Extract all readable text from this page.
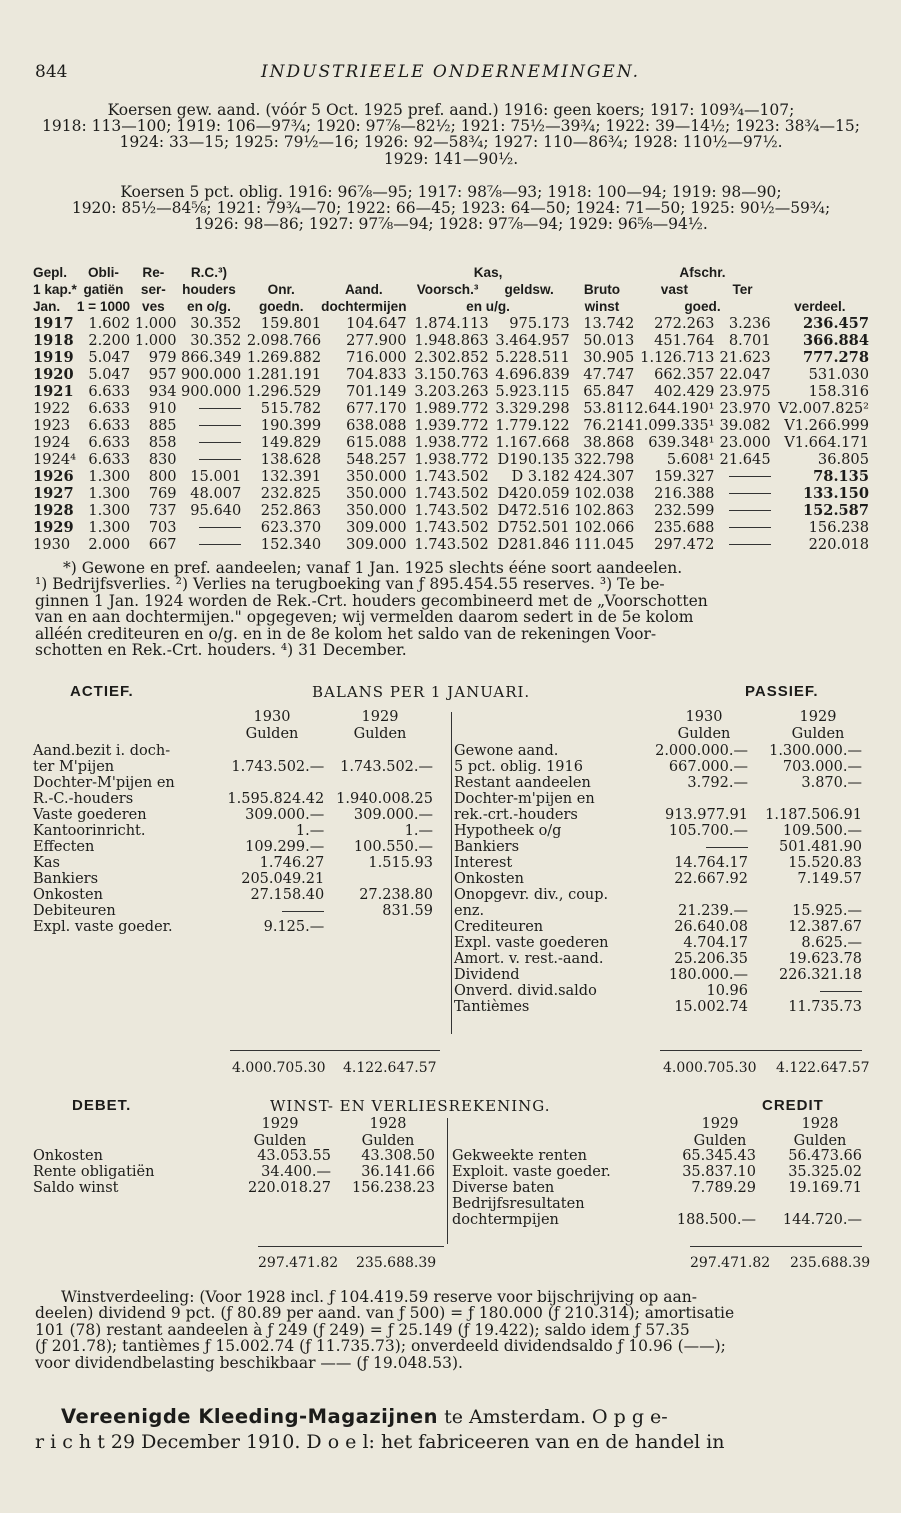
844	INDUSTRIEELE ONDERNEMINGEN.
Koersen gew. aand. (vóór 5 Oct. 1925 pref. aand.) 1916: geen koers; 1917: 109¾—107;
1918: 113—100; 1919: 106—97¾; 1920: 97⅞—82½; 1921: 75½—39¾; 1922: 39—14½; 1923: 38¾—15;
1924: 33—15; 1925: 79½—16; 1926: 92—58¾; 1927: 110—86¾; 1928: 110½—97½.
1929: 141—90½.
Koersen 5 pct. oblig. 1916: 96⅞—95; 1917: 98⅞—93; 1918: 100—94; 1919: 98—90;
1920: 85½—84⅝; 1921: 79¾—70; 1922: 66—45; 1923: 64—50; 1924: 71—50; 1925: 90½—59¾;
1926: 98—86; 1927: 97⅞—94; 1928: 97⅞—94; 1929: 96⅝—94½.
Gepl.	Obli-	Re-	R.C.³)			Kas,			Afschr.			
1 kap.*	gatiën	ser-	houders	Onr.	Aand.	Voorsch.³	geldsw.	Bruto	vast	Ter		
Jan.	1 = 1000	ves	en o/g.	goedn.	dochtermijen	en u/g.		winst	goed.		verdeel.	
1917	1.602	1.000	30.352	159.801	104.647	1.874.113	975.173	13.742	272.263	3.236	236.457	
1918	2.200	1.000	30.352	2.098.766	277.900	1.948.863	3.464.957	50.013	451.764	8.701	366.884	
1919	5.047	979	866.349	1.269.882	716.000	2.302.852	5.228.511	30.905	1.126.713	21.623	777.278	
1920	5.047	957	900.000	1.281.191	704.833	3.150.763	4.696.839	47.747	662.357	22.047	531.030	
1921	6.633	934	900.000	1.296.529	701.149	3.203.263	5.923.115	65.847	402.429	23.975	158.316	
1922	6.633	910		515.782	677.170	1.989.772	3.329.298	53.811	2.644.190¹	23.970	V2.007.825²	
1923	6.633	885		190.399	638.088	1.939.772	1.779.122	76.214	1.099.335¹	39.082	V1.266.999	
1924	6.633	858		149.829	615.088	1.938.772	1.167.668	38.868	639.348¹	23.000	V1.664.171	
1924⁴	6.633	830		138.628	548.257	1.938.772	D190.135	322.798	5.608¹	21.645	36.805	
1926	1.300	800	15.001	132.391	350.000	1.743.502	D 3.182	424.307	159.327		78.135	
1927	1.300	769	48.007	232.825	350.000	1.743.502	D420.059	102.038	216.388		133.150	
1928	1.300	737	95.640	252.863	350.000	1.743.502	D472.516	102.863	232.599		152.587	
1929	1.300	703		623.370	309.000	1.743.502	D752.501	102.066	235.688		156.238	
1930	2.000	667		152.340	309.000	1.743.502	D281.846	111.045	297.472		220.018	
*) Gewone en pref. aandeelen; vanaf 1 Jan. 1925 slechts ééne soort aandeelen.
¹) Bedrijfsverlies. ²) Verlies na terugboeking van ƒ 895.454.55 reserves. ³) Te be-
ginnen 1 Jan. 1924 worden de Rek.-Crt. houders gecombineerd met de „Voorschotten
van en aan dochtermijen." opgegeven; wij vermelden daarom sedert in de 5e kolom
alléén crediteuren en o/g. en in de 8e kolom het saldo van de rekeningen Voor-
schotten en Rek.-Crt. houders. ⁴) 31 December.
ACTIEF.	BALANS PER 1 JANUARI.	PASSIEF.
1930
Gulden
1929
Gulden
1930
Gulden
1929
Gulden
Aand.bezit i. doch-		
ter M'pijen	1.743.502.—	1.743.502.—
Dochter-M'pijen en		
R.-C.-houders	1.595.824.42	1.940.008.25
Vaste goederen	309.000.—	309.000.—
Kantoorinricht.	1.—	1.—
Effecten	109.299.—	100.550.—
Kas	1.746.27	1.515.93
Bankiers	205.049.21	
Onkosten	27.158.40	27.238.80
Debiteuren		831.59
Expl. vaste goeder.	9.125.—	
Gewone aand.	2.000.000.—	1.300.000.—
5 pct. oblig. 1916	667.000.—	703.000.—
Restant aandeelen	3.792.—	3.870.—
Dochter-m'pijen en		
rek.-crt.-houders	913.977.91	1.187.506.91
Hypotheek o/g	105.700.—	109.500.—
Bankiers		501.481.90
Interest	14.764.17	15.520.83
Onkosten	22.667.92	7.149.57
Onopgevr. div., coup.		
enz.	21.239.—	15.925.—
Crediteuren	26.640.08	12.387.67
Expl. vaste goederen	4.704.17	8.625.—
Amort. v. rest.-aand.	25.206.35	19.623.78
Dividend	180.000.—	226.321.18
Onverd. divid.saldo	10.96	
Tantièmes	15.002.74	11.735.73
4.000.705.30 4.122.647.57	4.000.705.30 4.122.647.57
DEBET.	WINST- EN VERLIESREKENING.	CREDIT
1929
Gulden
1928
Gulden
1929
Gulden
1928
Gulden
Onkosten	43.053.55	43.308.50
Rente obligatiën	34.400.—	36.141.66
Saldo winst	220.018.27	156.238.23
Gekweekte renten	65.345.43	56.473.66
Exploit. vaste goeder.	35.837.10	35.325.02
Diverse baten	7.789.29	19.169.71
Bedrijfsresultaten		
dochtermpijen	188.500.—	144.720.—
297.471.82 235.688.39	297.471.82 235.688.39
Winstverdeeling: (Voor 1928 incl. ƒ 104.419.59 reserve voor bijschrijving op aan-
deelen) dividend 9 pct. (ƒ 80.89 per aand. van ƒ 500) = ƒ 180.000 (ƒ 210.314); amortisatie
101 (78) restant aandeelen à ƒ 249 (ƒ 249) = ƒ 25.149 (ƒ 19.422); saldo idem ƒ 57.35
(ƒ 201.78); tantièmes ƒ 15.002.74 (ƒ 11.735.73); onverdeeld dividendsaldo ƒ 10.96 (——);
voor dividendbelasting beschikbaar —— (ƒ 19.048.53).
Vereenigde Kleeding-Magazijnen te Amsterdam. O p g e-
r i c h t 29 December 1910. D o e l: het fabriceeren van en de handel in
